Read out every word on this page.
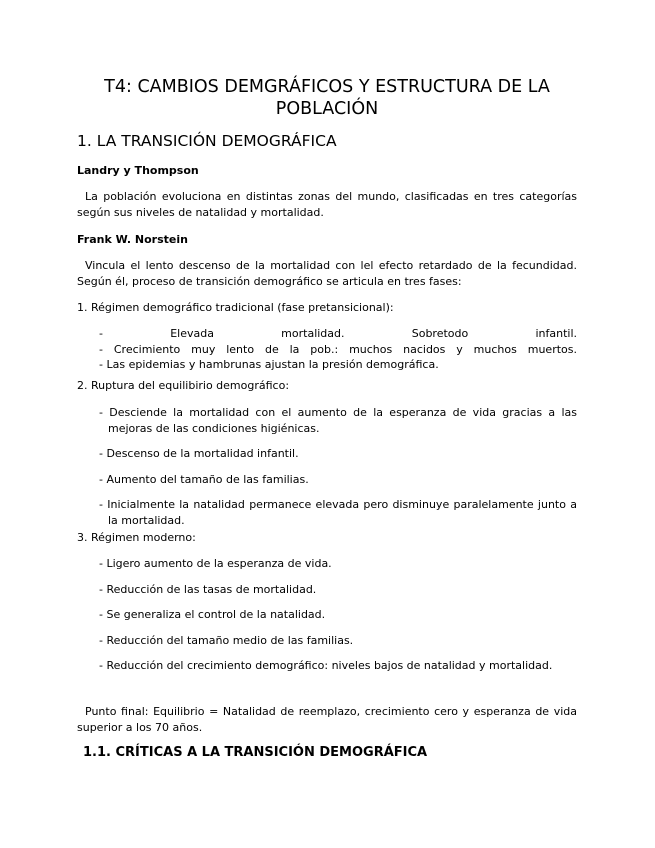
T4: CAMBIOS DEMGRÁFICOS Y ESTRUCTURA DE LA POBLACIÓN
1. LA TRANSICIÓN DEMOGRÁFICA

Landry y Thompson

La población evoluciona en distintas zonas del mundo, clasificadas en tres categorías según sus niveles de natalidad y mortalidad.

Frank W. Norstein

Vincula el lento descenso de la mortalidad con lel efecto retardado de la fecundidad. Según él, proceso de transición demográfico se articula en tres fases:

1. Régimen demográfico tradicional (fase pretansicional):

- Elevada mortalidad. Sobretodo infantil.
- Crecimiento muy lento de la pob.: muchos nacidos y muchos muertos.
- Las epidemias y hambrunas ajustan la presión demográfica.

2. Ruptura del equilibirio demográfico:

- Desciende la mortalidad con el aumento de la esperanza de vida gracias a las mejoras de las condiciones higiénicas.
- Descenso de la mortalidad infantil.
- Aumento del tamaño de las familias.
- Inicialmente la natalidad permanece elevada pero disminuye paralelamente junto a la mortalidad.

3. Régimen moderno:

- Ligero aumento de la esperanza de vida.
- Reducción de las tasas de mortalidad.
- Se generaliza el control de la natalidad.
- Reducción del tamaño medio de las familias.
- Reducción del crecimiento demográfico: niveles bajos de natalidad y mortalidad.

Punto final: Equilibrio = Natalidad de reemplazo, crecimiento cero y esperanza de vida superior a los 70 años.

1.1. CRÍTICAS A LA TRANSICIÓN DEMOGRÁFICA
